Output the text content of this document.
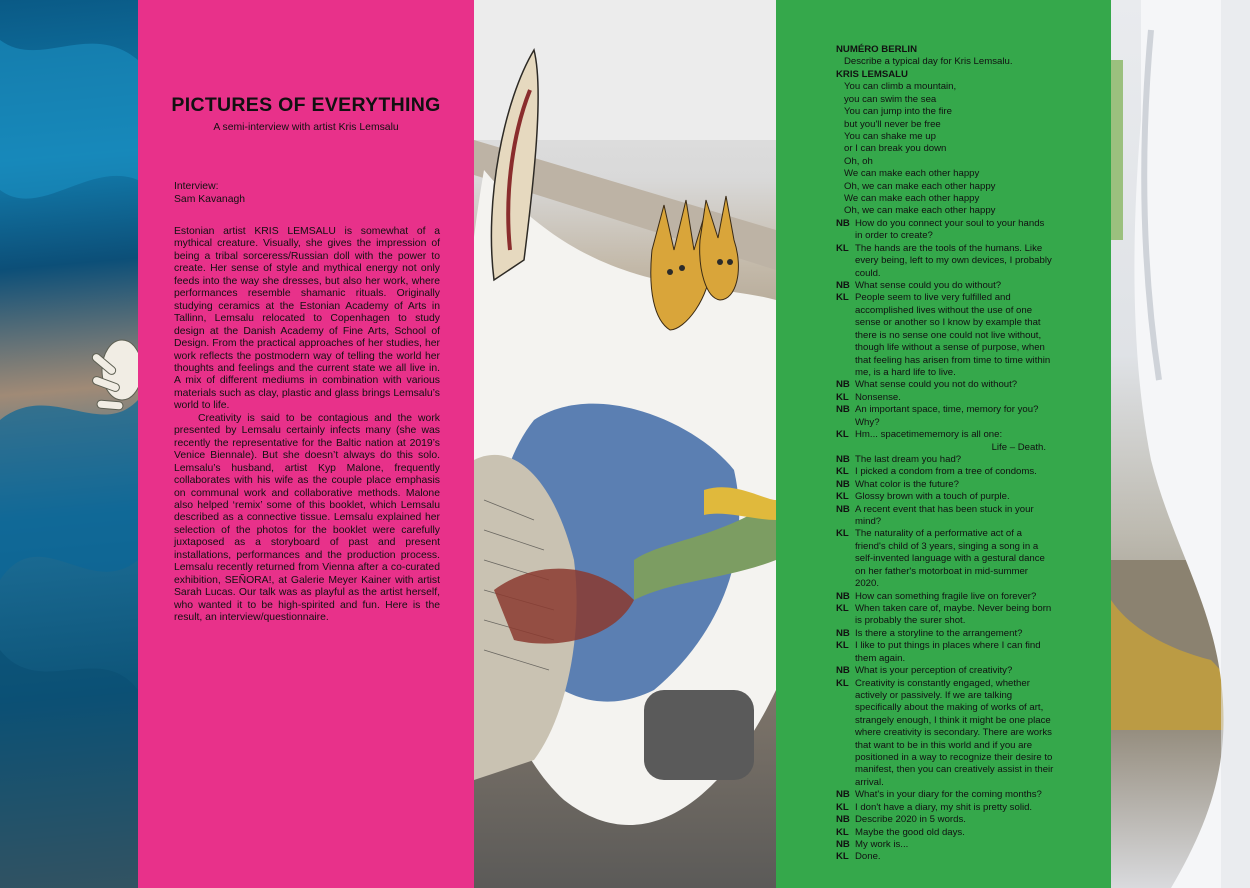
PICTURES OF EVERYTHING
A semi-interview with artist Kris Lemsalu
Interview:
Sam Kavanagh

Estonian artist KRIS LEMSALU is somewhat of a mythical creature. Visually, she gives the impression of being a tribal sorceress/Russian doll with the power to create. Her sense of style and mythical energy not only feeds into the way she dresses, but also her work, where performances resemble shamanic rituals. Originally studying ceramics at the Estonian Academy of Arts in Tallinn, Lemsalu relocated to Copenhagen to study design at the Danish Academy of Fine Arts, School of Design. From the practical approaches of her studies, her work reflects the postmodern way of telling the world her thoughts and feelings and the current state we all live in. A mix of different mediums in combination with various materials such as clay, plastic and glass brings Lemsalu’s world to life.

Creativity is said to be contagious and the work presented by Lemsalu certainly infects many (she was recently the representative for the Baltic nation at 2019’s Venice Biennale). But she doesn’t always do this solo. Lemsalu’s husband, artist Kyp Malone, frequently collaborates with his wife as the couple place emphasis on communal work and collaborative methods. Malone also helped ‘remix’ some of this booklet, which Lemsalu described as a connective tissue. Lemsalu explained her selection of the photos for the booklet were carefully juxtaposed as a storyboard of past and present installations, performances and the production process. Lemsalu recently returned from Vienna after a co-curated exhibition, SEÑORA!, at Galerie Meyer Kainer with artist Sarah Lucas. Our talk was as playful as the artist herself, who wanted it to be high-spirited and fun. Here is the result, an interview/questionnaire.

NUMÉRO BERLIN
Describe a typical day for Kris Lemsalu.
KRIS LEMSALU
You can climb a mountain,
you can swim the sea
You can jump into the fire
but you'll never be free
You can shake me up
or I can break you down
Oh, oh
We can make each other happy
Oh, we can make each other happy
We can make each other happy
Oh, we can make each other happy
NB How do you connect your soul to your hands in order to create?
KL The hands are the tools of the humans. Like every being, left to my own devices, I probably could.
NB What sense could you do without?
KL People seem to live very fulfilled and accomplished lives without the use of one sense or another so I know by example that there is no sense one could not live without, though life without a sense of purpose, when that feeling has arisen from time to time within me, is a hard life to live.
NB What sense could you not do without?
KL Nonsense.
NB An important space, time, memory for you? Why?
KL Hm... spacetimememory is all one:
Life – Death.
NB The last dream you had?
KL I picked a condom from a tree of condoms.
NB What color is the future?
KL Glossy brown with a touch of purple.
NB A recent event that has been stuck in your mind?
KL The naturality of a performative act of a friend's child of 3 years, singing a song in a self-invented language with a gestural dance on her father's motorboat in mid-summer 2020.
NB How can something fragile live on forever?
KL When taken care of, maybe. Never being born is probably the surer shot.
NB Is there a storyline to the arrangement?
KL I like to put things in places where I can find them again.
NB What is your perception of creativity?
KL Creativity is constantly engaged, whether actively or passively. If we are talking specifically about the making of works of art, strangely enough, I think it might be one place where creativity is secondary. There are works that want to be in this world and if you are positioned in a way to recognize their desire to manifest, then you can creatively assist in their arrival.
NB What's in your diary for the coming months?
KL I don't have a diary, my shit is pretty solid.
NB Describe 2020 in 5 words.
KL Maybe the good old days.
NB My work is...
KL Done.
